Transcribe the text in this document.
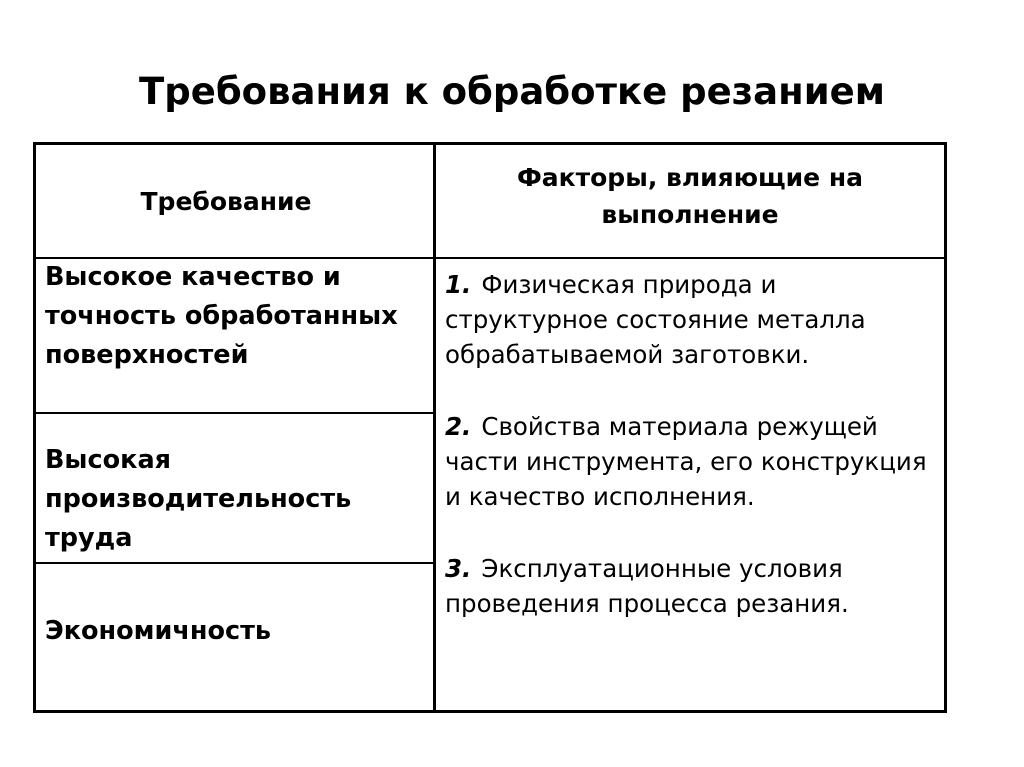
Требования к обработке резанием
Требование
Факторы, влияющие на выполнение
Высокое качество и точность обработанных поверхностей
Высокая производительность труда
Экономичность

1. Физическая природа и структурное состояние металла обрабатываемой заготовки.

2. Свойства материала режущей части инструмента, его конструкция и качество исполнения.

3. Эксплуатационные условия проведения процесса резания.
